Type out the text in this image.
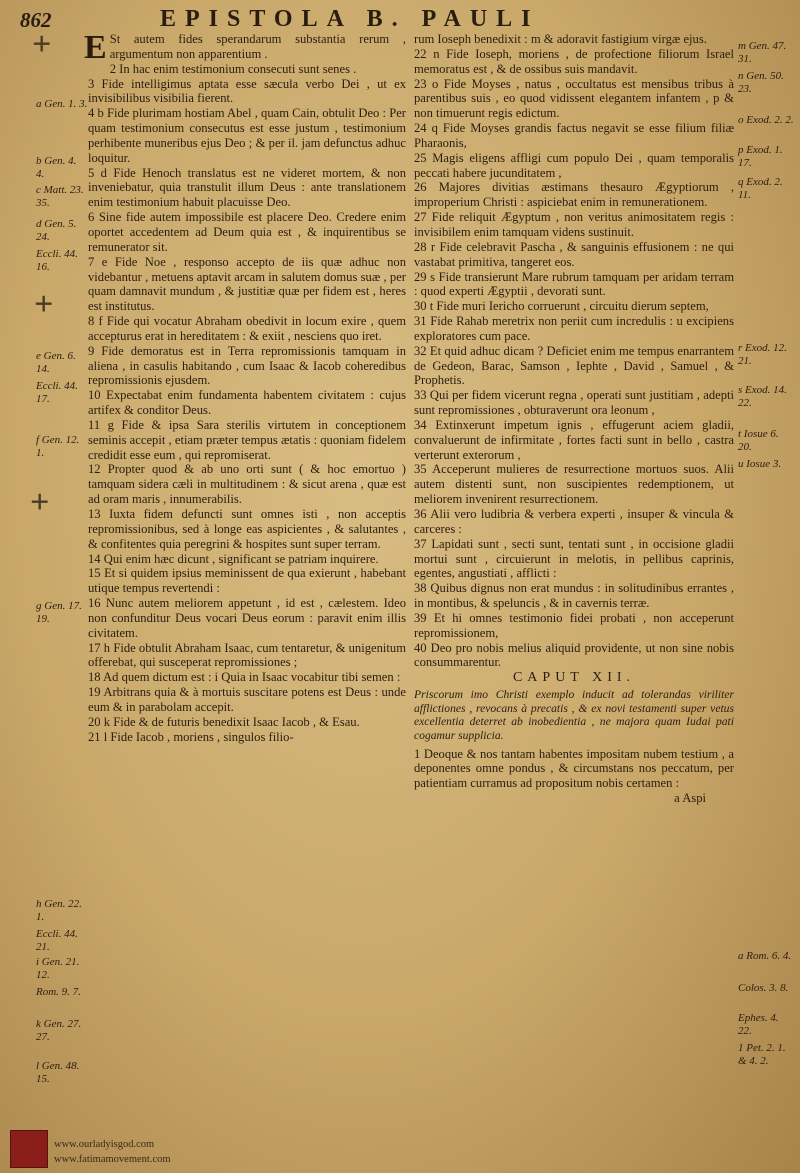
862	EPISTOLA B. PAULI
a Gen. 1. 3.
b Gen. 4. 4.
c Matt. 23. 35.
d Gen. 5. 24.
Eccli. 44. 16.
e Gen. 6. 14.
Eccli. 44. 17.
f Gen. 12. 1.
g Gen. 17. 19.
h Gen. 22. 1.
Eccli. 44. 21.
i Gen. 21. 12.
Rom. 9. 7.
k Gen. 27. 27.
l Gen. 48. 15.
m Gen. 47. 31.
n Gen. 50. 23.
o Exod. 2. 2.
p Exod. 1. 17.
q Exod. 2. 11.
r Exod. 12. 21.
s Exod. 14. 22.
t Iosue 6. 20.
u Iosue 3.
a Rom. 6. 4.
Colos. 3. 8.
Ephes. 4. 22.
1 Pet. 2. 1. & 4. 2.
+
+
+

E St autem fides sperandarum substantia rerum , argumentum non apparentium .

2 In hac enim testimonium consecuti sunt senes .

3 Fide intelligimus aptata esse sæcula verbo Dei , ut ex invisibilibus visibilia fierent.

4 b Fide plurimam hostiam Abel , quam Cain, obtulit Deo : Per quam testimonium consecutus est esse justum , testimonium perhibente muneribus ejus Deo ; & per il. jam defunctus adhuc loquitur.

5 d Fide Henoch translatus est ne videret mortem, & non inveniebatur, quia transtulit illum Deus : ante translationem enim testimonium habuit placuisse Deo.

6 Sine fide autem impossibile est placere Deo. Credere enim oportet accedentem ad Deum quia est , & inquirentibus se remunerator sit.

7 e Fide Noe , responso accepto de iis quæ adhuc non videbantur , metuens aptavit arcam in salutem domus suæ , per quam damnavit mundum , & justitiæ quæ per fidem est , heres est institutus.

8 f Fide qui vocatur Abraham obedivit in locum exire , quem accepturus erat in hereditatem : & exiit , nesciens quo iret.

9 Fide demoratus est in Terra repromissionis tamquam in aliena , in casulis habitando , cum Isaac & Iacob coheredibus repromissionis ejusdem.

10 Expectabat enim fundamenta habentem civitatem : cujus artifex & conditor Deus.

11 g Fide & ipsa Sara sterilis virtutem in conceptionem seminis accepit , etiam præter tempus ætatis : quoniam fidelem credidit esse eum , qui repromiserat.

12 Propter quod & ab uno orti sunt ( & hoc emortuo ) tamquam sidera cæli in multitudinem : & sicut arena , quæ est ad oram maris , innumerabilis.

13 Iuxta fidem defuncti sunt omnes isti , non acceptis repromissionibus, sed à longe eas aspicientes , & salutantes , & confitentes quia peregrini & hospites sunt super terram.

14 Qui enim hæc dicunt , significant se patriam inquirere.

15 Et si quidem ipsius meminissent de qua exierunt , habebant utique tempus revertendi :

16 Nunc autem meliorem appetunt , id est , cælestem. Ideo non confunditur Deus vocari Deus eorum : paravit enim illis civitatem.

17 h Fide obtulit Abraham Isaac, cum tentaretur, & unigenitum offerebat, qui susceperat repromissiones ;

18 Ad quem dictum est : i Quia in Isaac vocabitur tibi semen :

19 Arbitrans quia & à mortuis suscitare potens est Deus : unde eum & in parabolam accepit.

20 k Fide & de futuris benedixit Isaac Iacob , & Esau.

21 l Fide Iacob , moriens , singulos filio-

rum Ioseph benedixit : m & adoravit fastigium virgæ ejus.

22 n Fide Ioseph, moriens , de profectione filiorum Israel memoratus est , & de ossibus suis mandavit.

23 o Fide Moyses , natus , occultatus est mensibus tribus à parentibus suis , eo quod vidissent elegantem infantem , p & non timuerunt regis edictum.

24 q Fide Moyses grandis factus negavit se esse filium filiæ Pharaonis,

25 Magis eligens affligi cum populo Dei , quam temporalis peccati habere jucunditatem ,

26 Majores divitias æstimans thesauro Ægyptiorum , improperium Christi : aspiciebat enim in remunerationem.

27 Fide reliquit Ægyptum , non veritus animositatem regis : invisibilem enim tamquam videns sustinuit.

28 r Fide celebravit Pascha , & sanguinis effusionem : ne qui vastabat primitiva, tangeret eos.

29 s Fide transierunt Mare rubrum tamquam per aridam terram : quod experti Ægyptii , devorati sunt.

30 t Fide muri Iericho corruerunt , circuitu dierum septem,

31 Fide Rahab meretrix non periit cum incredulis : u excipiens exploratores cum pace.

32 Et quid adhuc dicam ? Deficiet enim me tempus enarrantem de Gedeon, Barac, Samson , Iephte , David , Samuel , & Prophetis.

33 Qui per fidem vicerunt regna , operati sunt justitiam , adepti sunt repromissiones , obturaverunt ora leonum ,

34 Extinxerunt impetum ignis , effugerunt aciem gladii, convaluerunt de infirmitate , fortes facti sunt in bello , castra verterunt exterorum ,

35 Acceperunt mulieres de resurrectione mortuos suos. Alii autem distenti sunt, non suscipientes redemptionem, ut meliorem invenirent resurrectionem.

36 Alii vero ludibria & verbera experti , insuper & vincula & carceres :

37 Lapidati sunt , secti sunt, tentati sunt , in occisione gladii mortui sunt , circuierunt in melotis, in pellibus caprinis, egentes, angustiati , afflicti :

38 Quibus dignus non erat mundus : in solitudinibus errantes , in montibus, & speluncis , & in cavernis terræ.

39 Et hi omnes testimonio fidei probati , non acceperunt repromissionem,

40 Deo pro nobis melius aliquid providente, ut non sine nobis consummarentur.

CAPUT XII.

Priscorum imo Christi exemplo inducit ad tolerandas viriliter afflictiones , revocans à precatis , & ex novi testamenti super vetus excellentia deterret ab inobedientia , ne majora quam Iudai pati cogamur supplicia.

1 Deoque & nos tantam habentes impositam nubem testium , a deponentes omne pondus , & circumstans nos peccatum, per patientiam curramus ad propositum nobis certamen :

a Aspi

www.ourladyisgod.com
www.fatimamovement.com
